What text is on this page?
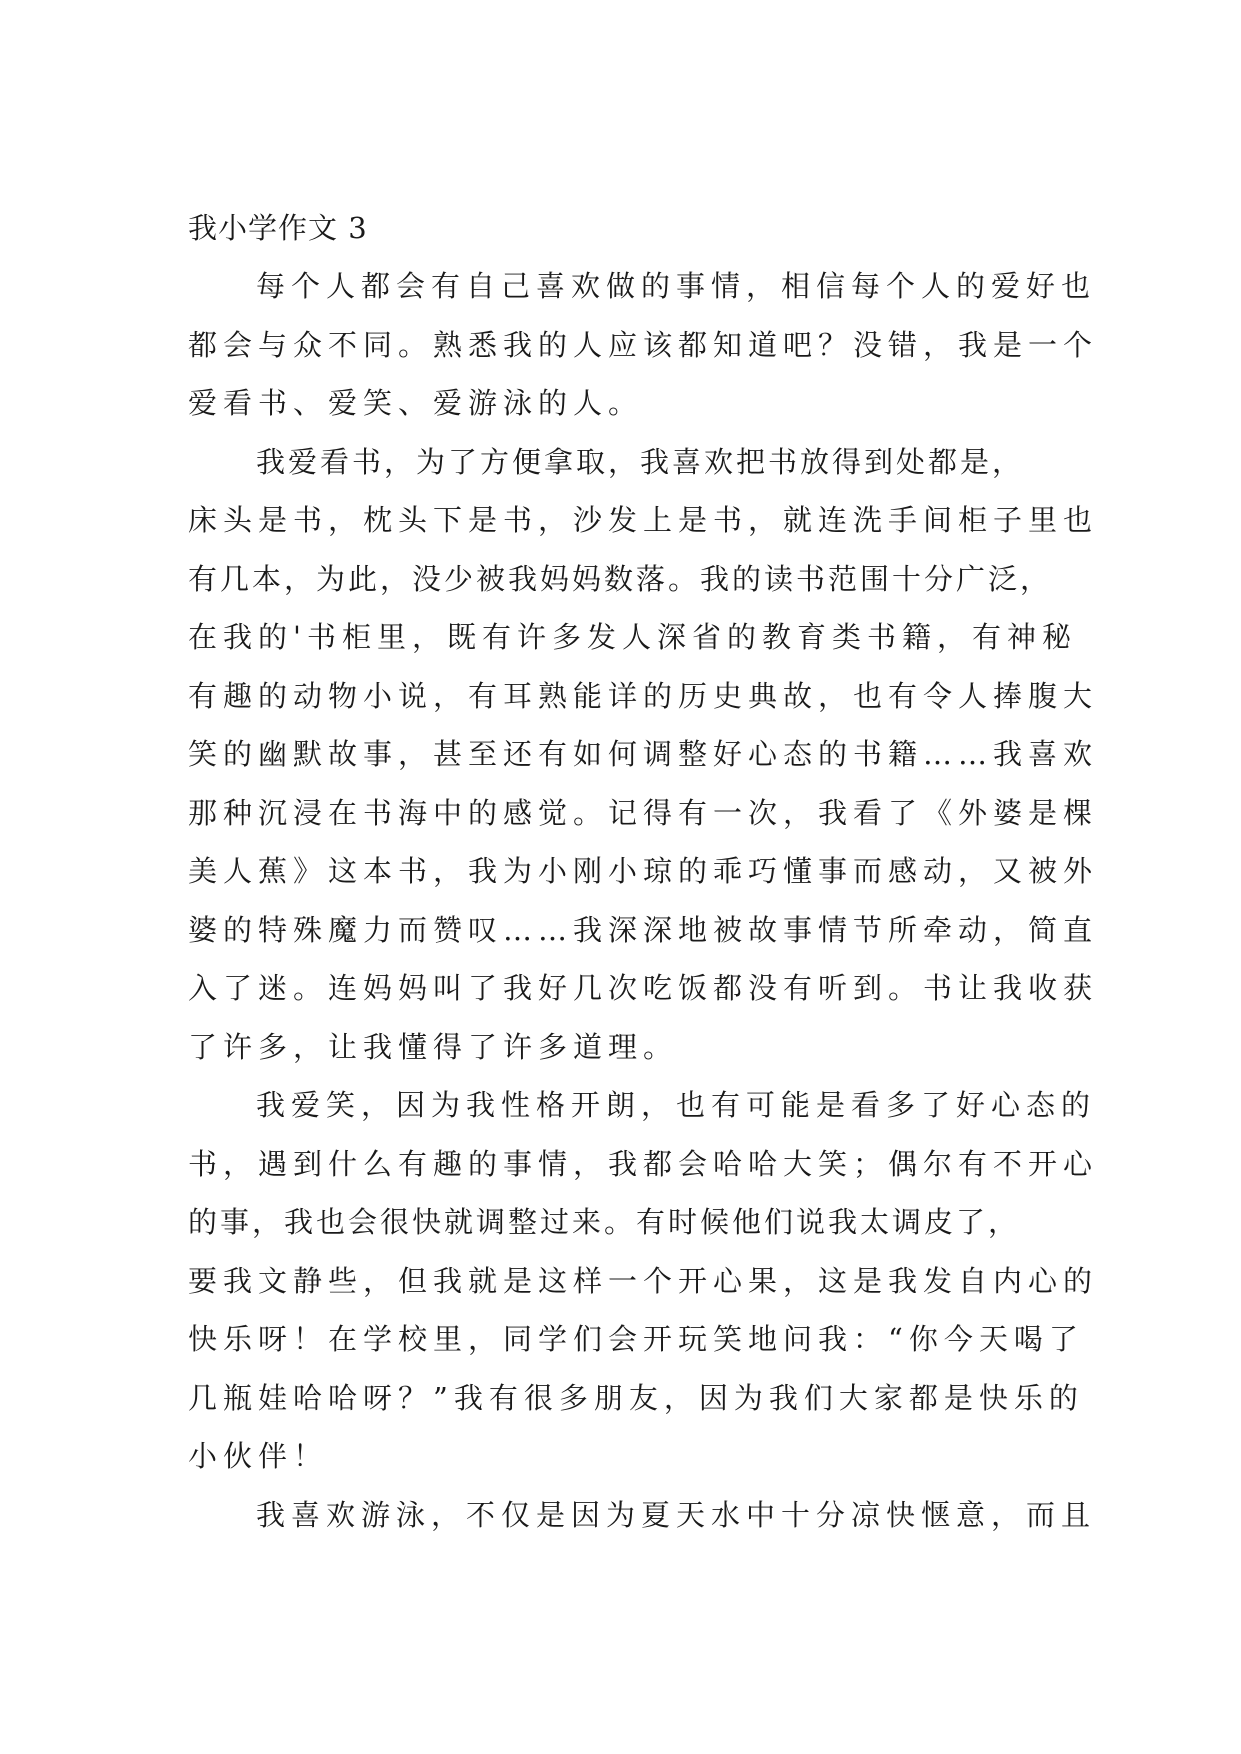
我小学作文 3

每个人都会有自己喜欢做的事情，相信每个人的爱好也
都会与众不同。熟悉我的人应该都知道吧？没错，我是一个
爱看书、爱笑、爱游泳的人。

我爱看书，为了方便拿取，我喜欢把书放得到处都是，
床头是书，枕头下是书，沙发上是书，就连洗手间柜子里也
有几本，为此，没少被我妈妈数落。我的读书范围十分广泛，
在我的'书柜里，既有许多发人深省的教育类书籍，有神秘
有趣的动物小说，有耳熟能详的历史典故，也有令人捧腹大
笑的幽默故事，甚至还有如何调整好心态的书籍……我喜欢
那种沉浸在书海中的感觉。记得有一次，我看了《外婆是棵
美人蕉》这本书，我为小刚小琼的乖巧懂事而感动，又被外
婆的特殊魔力而赞叹……我深深地被故事情节所牵动，简直
入了迷。连妈妈叫了我好几次吃饭都没有听到。书让我收获
了许多，让我懂得了许多道理。

我爱笑，因为我性格开朗，也有可能是看多了好心态的
书，遇到什么有趣的事情，我都会哈哈大笑；偶尔有不开心
的事，我也会很快就调整过来。有时候他们说我太调皮了，
要我文静些，但我就是这样一个开心果，这是我发自内心的
快乐呀！在学校里，同学们会开玩笑地问我：“你今天喝了
几瓶娃哈哈呀？”我有很多朋友，因为我们大家都是快乐的
小伙伴！

我喜欢游泳，不仅是因为夏天水中十分凉快惬意，而且
